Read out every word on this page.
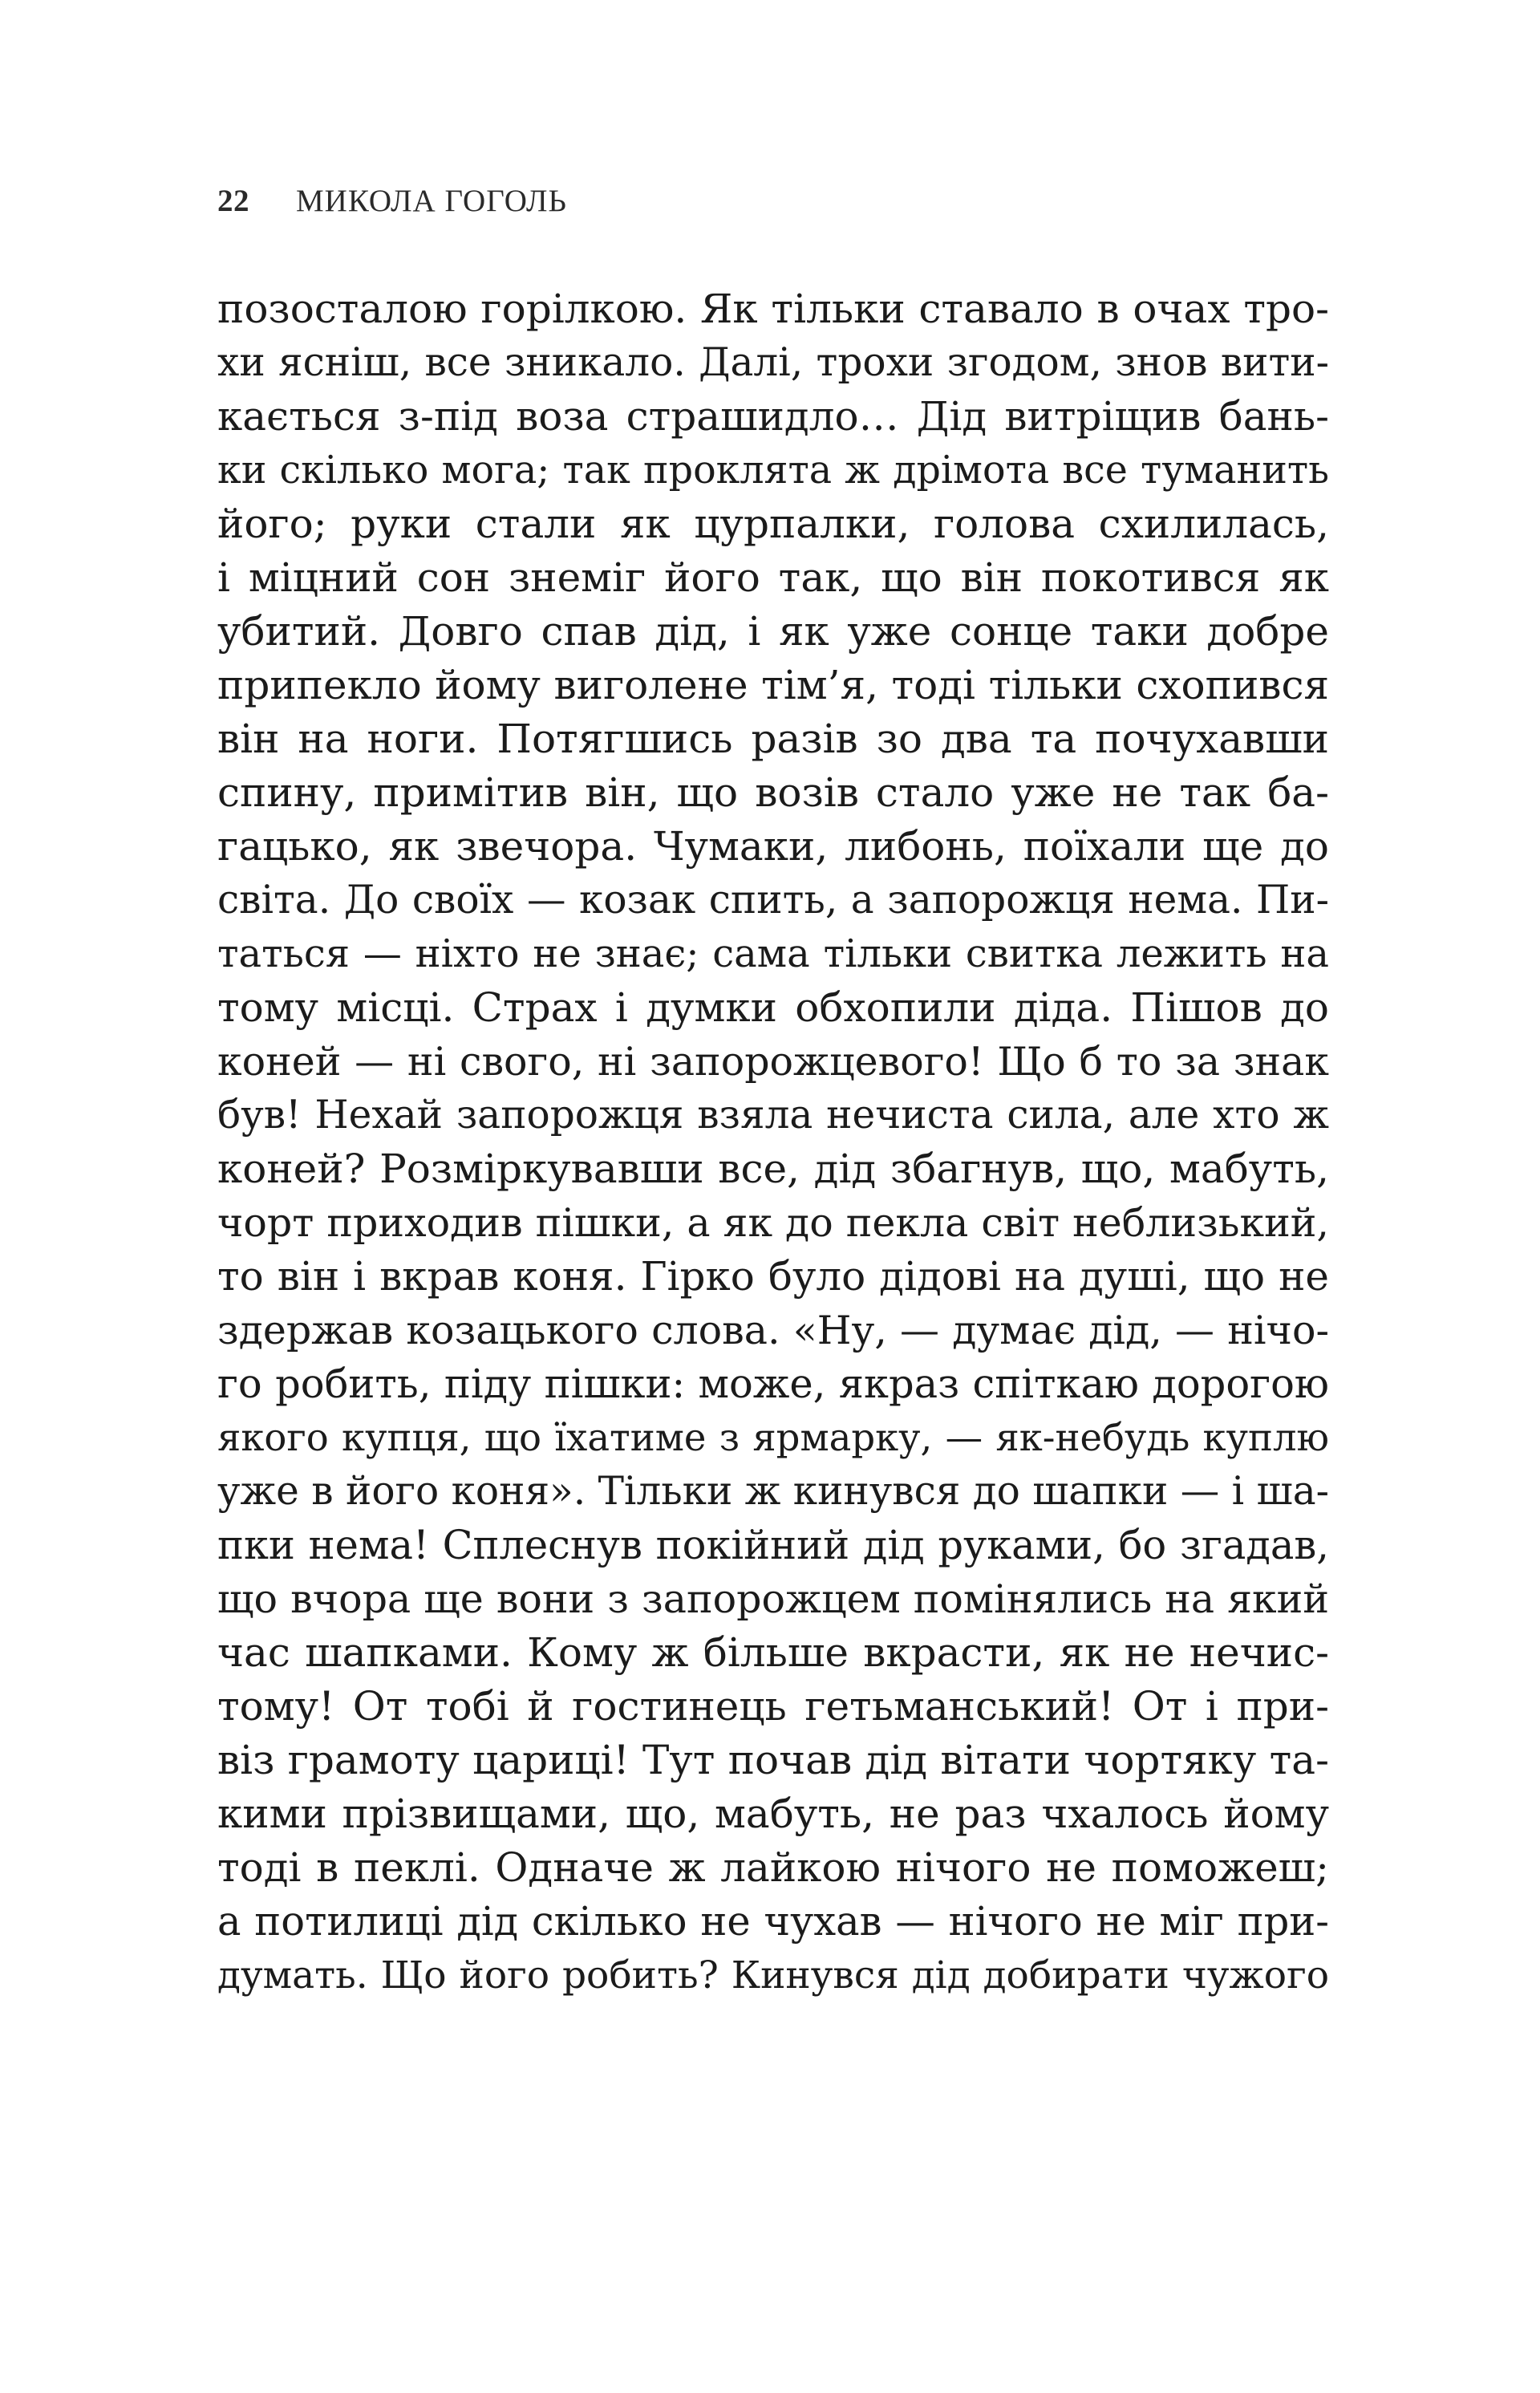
22 МИКОЛА ГОГОЛЬ
позосталою горілкою. Як тільки ставало в очах тро-
хи ясніш, все зникало. Далі, трохи згодом, знов вити-
кається з-під воза страшидло… Дід витріщив бань-
ки скілько мога; так проклята ж дрімота все туманить
його; руки стали як цурпалки, голова схилилась,
і міцний сон знеміг його так, що він покотився як
убитий. Довго спав дід, і як уже сонце таки добре
припекло йому виголене тім’я, тоді тільки схопився
він на ноги. Потягшись разів зо два та почухавши
спину, примітив він, що возів стало уже не так ба-
гацько, як звечора. Чумаки, либонь, поїхали ще до
світа. До своїх — козак спить, а запорожця нема. Пи-
таться — ніхто не знає; сама тільки свитка лежить на
тому місці. Страх і думки обхопили діда. Пішов до
коней — ні свого, ні запорожцевого! Що б то за знак
був! Нехай запорожця взяла нечиста сила, але хто ж
коней? Розміркувавши все, дід збагнув, що, мабуть,
чорт приходив пішки, а як до пекла світ неблизький,
то він і вкрав коня. Гірко було дідові на душі, що не
здержав козацького слова. «Ну, — думає дід, — нічо-
го робить, піду пішки: може, якраз спіткаю дорогою
якого купця, що їхатиме з ярмарку, — як-небудь куплю
уже в його коня». Тільки ж кинувся до шапки — і ша-
пки нема! Сплеснув покійний дід руками, бо згадав,
що вчора ще вони з запорожцем помінялись на який
час шапками. Кому ж більше вкрасти, як не нечис-
тому! От тобі й гостинець гетьманський! От і при-
віз грамоту цариці! Тут почав дід вітати чортяку та-
кими прізвищами, що, мабуть, не раз чхалось йому
тоді в пеклі. Одначе ж лайкою нічого не поможеш;
а потилиці дід скілько не чухав — нічого не міг при-
думать. Що його робить? Кинувся дід добирати чужого
